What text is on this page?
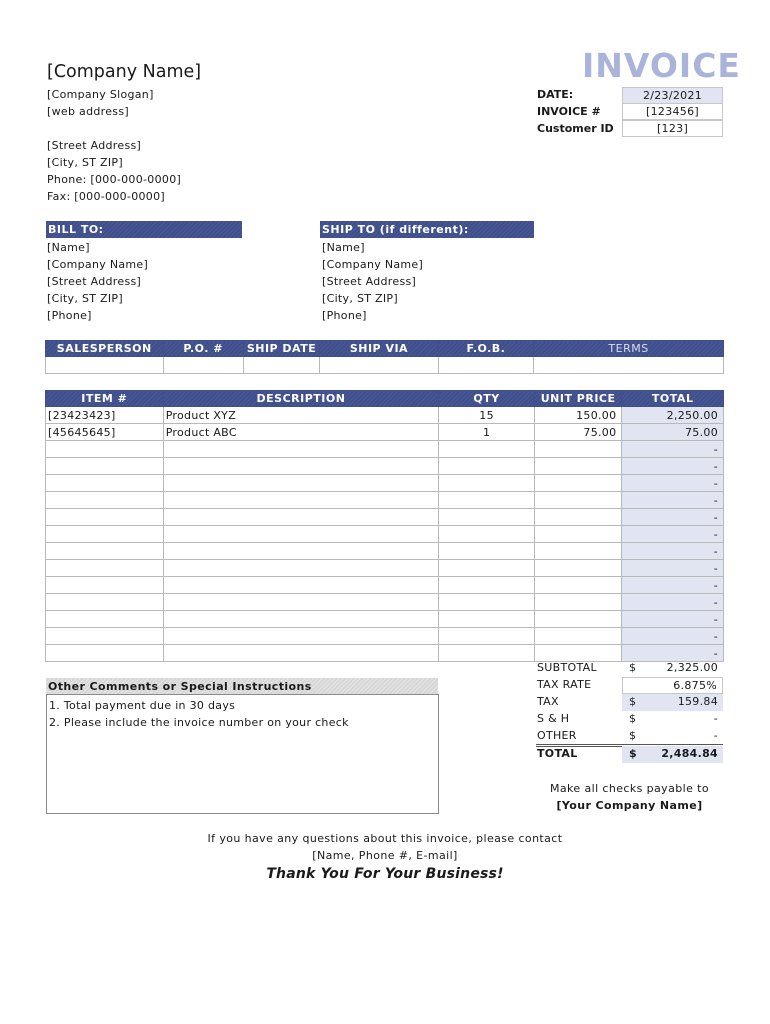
[Company Name]
[Company Slogan]
[web address]
[Street Address]
[City, ST ZIP]
Phone: [000-000-0000]
Fax: [000-000-0000]
INVOICE
DATE:	2/23/2021
INVOICE #	[123456]
Customer ID	[123]
BILL TO:
[Name]
[Company Name]
[Street Address]
[City, ST ZIP]
[Phone]
SHIP TO (if different):
[Name]
[Company Name]
[Street Address]
[City, ST ZIP]
[Phone]
SALESPERSON	P.O. #	SHIP DATE	SHIP VIA	F.O.B.	TERMS

ITEM #	DESCRIPTION	QTY	UNIT PRICE	TOTAL
[23423423]	Product XYZ	15	150.00	2,250.00
[45645645]	Product ABC	1	75.00	75.00
				-
				-
				-
				-
				-
				-
				-
				-
				-
				-
				-
				-
				-
SUBTOTAL	$	2,325.00
TAX RATE	6.875%
TAX	$	159.84
S & H	$	-
OTHER	$	-
TOTAL	$ 2,484.84
Other Comments or Special Instructions
1. Total payment due in 30 days
2. Please include the invoice number on your check
Make all checks payable to
[Your Company Name]
If you have any questions about this invoice, please contact
[Name, Phone #, E-mail]
Thank You For Your Business!
